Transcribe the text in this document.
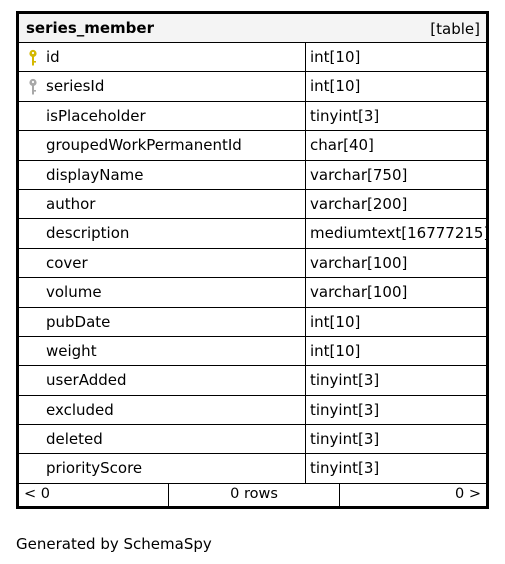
series_member	[table]
id	int[10]
seriesId	int[10]
isPlaceholder	tinyint[3]
groupedWorkPermanentId	char[40]
displayName	varchar[750]
author	varchar[200]
description	mediumtext[16777215]
cover	varchar[100]
volume	varchar[100]
pubDate	int[10]
weight	int[10]
userAdded	tinyint[3]
excluded	tinyint[3]
deleted	tinyint[3]
priorityScore	tinyint[3]
< 0	0 rows	0 >
Generated by SchemaSpy
